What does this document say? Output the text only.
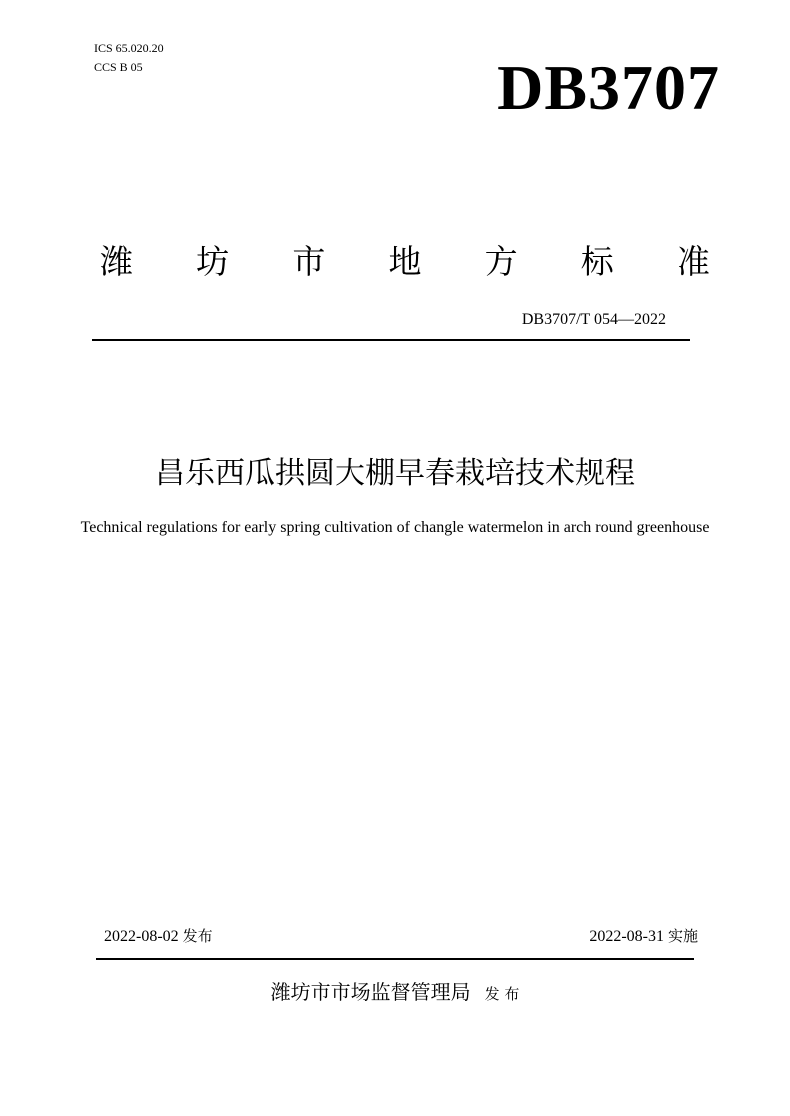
ICS 65.020.20
CCS B 05	DB3707
潍 坊 市 地 方 标 准
DB3707/T 054—2022
昌乐西瓜拱圆大棚早春栽培技术规程
Technical regulations for early spring cultivation of changle watermelon in arch round greenhouse
2022-08-02 发布	2022-08-31 实施
潍坊市市场监督管理局 发 布
